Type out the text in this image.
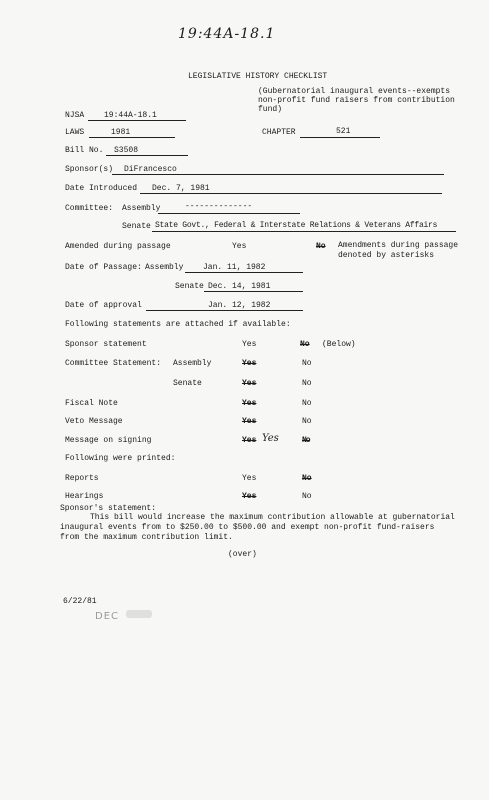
19:44A-18.1
LEGISLATIVE HISTORY CHECKLIST
(Gubernatorial inaugural events--exempts non-profit fund raisers from contribution fund)
NJSA 19:44A-18.1
LAWS	1981	CHAPTER	521
Bill No. S3508
Sponsor(s) DiFrancesco
Date Introduced Dec. 7, 1981
Committee: Assembly	--------------
Senate State Govt., Federal & Interstate Relations & Veterans Affairs
Amended during passage	Yes	No Amendments during passage denoted by asterisks
Date of Passage: Assembly Jan. 11, 1982
Senate Dec. 14, 1981
Date of approval	Jan. 12, 1982
Following statements are attached if available:
Sponsor statement	Yes	No (Below)
Committee Statement: Assembly	Yes	No
Senate	Yes	No
Fiscal Note	Yes	No
Veto Message	Yes	No
Message on signing	Yes Yes	No
Following were printed:
Reports	Yes	No
Hearings	Yes	No
Sponsor's statement:
This bill would increase the maximum contribution allowable at gubernatorial
inaugural events from to $250.00 to $500.00 and exempt non-profit fund-raisers
from the maximum contribution limit.
(over)
6/22/81
DEC
